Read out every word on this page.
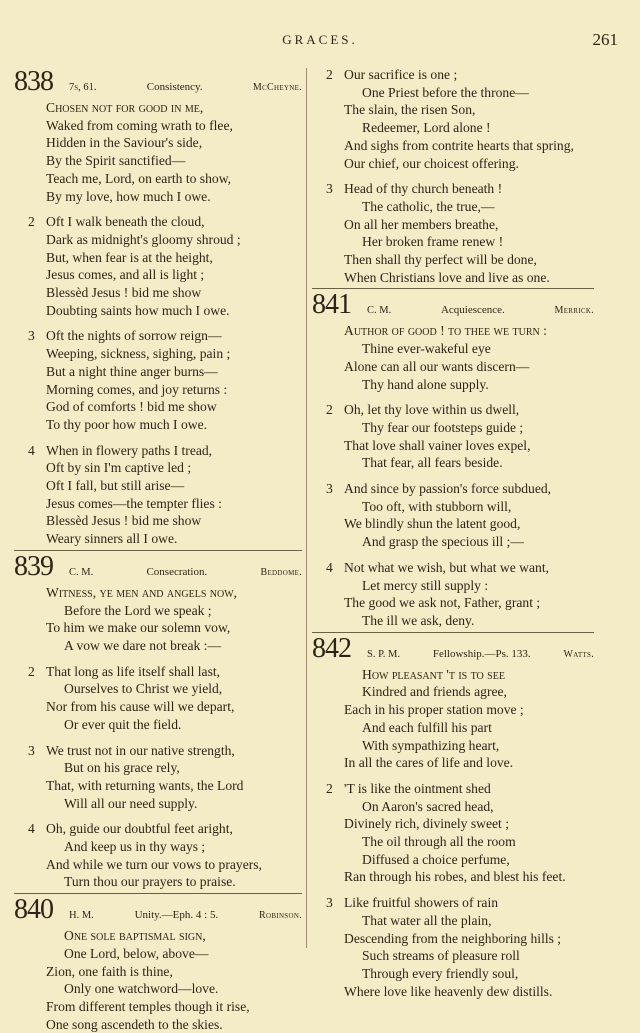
GRACES.	261
838	7s, 61.	Consistency.	McCheyne.
Chosen not for good in me,
Waked from coming wrath to flee,
Hidden in the Saviour's side,
By the Spirit sanctified—
Teach me, Lord, on earth to show,
By my love, how much I owe.
2 Oft I walk beneath the cloud,
Dark as midnight's gloomy shroud ;
But, when fear is at the height,
Jesus comes, and all is light ;
Blessèd Jesus ! bid me show
Doubting saints how much I owe.
3 Oft the nights of sorrow reign—
Weeping, sickness, sighing, pain ;
But a night thine anger burns—
Morning comes, and joy returns :
God of comforts ! bid me show
To thy poor how much I owe.
4 When in flowery paths I tread,
Oft by sin I'm captive led ;
Oft I fall, but still arise—
Jesus comes—the tempter flies :
Blessèd Jesus ! bid me show
Weary sinners all I owe.
839	C. M.	Consecration.	Beddome.
Witness, ye men and angels now,
Before the Lord we speak ;
To him we make our solemn vow,
A vow we dare not break :—
2 That long as life itself shall last,
Ourselves to Christ we yield,
Nor from his cause will we depart,
Or ever quit the field.
3 We trust not in our native strength,
But on his grace rely,
That, with returning wants, the Lord
Will all our need supply.
4 Oh, guide our doubtful feet aright,
And keep us in thy ways ;
And while we turn our vows to prayers,
Turn thou our prayers to praise.
840	H. M.	Unity.—Eph. 4 : 5.	Robinson.
One sole baptismal sign,
One Lord, below, above—
Zion, one faith is thine,
Only one watchword—love.
From different temples though it rise,
One song ascendeth to the skies.
2 Our sacrifice is one ;
One Priest before the throne—
The slain, the risen Son,
Redeemer, Lord alone !
And sighs from contrite hearts that spring,
Our chief, our choicest offering.
3 Head of thy church beneath !
The catholic, the true,—
On all her members breathe,
Her broken frame renew !
Then shall thy perfect will be done,
When Christians love and live as one.
841	C. M.	Acquiescence.	Merrick.
Author of good ! to thee we turn :
Thine ever-wakeful eye
Alone can all our wants discern—
Thy hand alone supply.
2 Oh, let thy love within us dwell,
Thy fear our footsteps guide ;
That love shall vainer loves expel,
That fear, all fears beside.
3 And since by passion's force subdued,
Too oft, with stubborn will,
We blindly shun the latent good,
And grasp the specious ill ;—
4 Not what we wish, but what we want,
Let mercy still supply :
The good we ask not, Father, grant ;
The ill we ask, deny.
842	S. P. M.	Fellowship.—Ps. 133.	Watts.
How pleasant 't is to see
Kindred and friends agree,
Each in his proper station move ;
And each fulfill his part
With sympathizing heart,
In all the cares of life and love.
2 'T is like the ointment shed
On Aaron's sacred head,
Divinely rich, divinely sweet ;
The oil through all the room
Diffused a choice perfume,
Ran through his robes, and blest his feet.
3 Like fruitful showers of rain
That water all the plain,
Descending from the neighboring hills ;
Such streams of pleasure roll
Through every friendly soul,
Where love like heavenly dew distills.
